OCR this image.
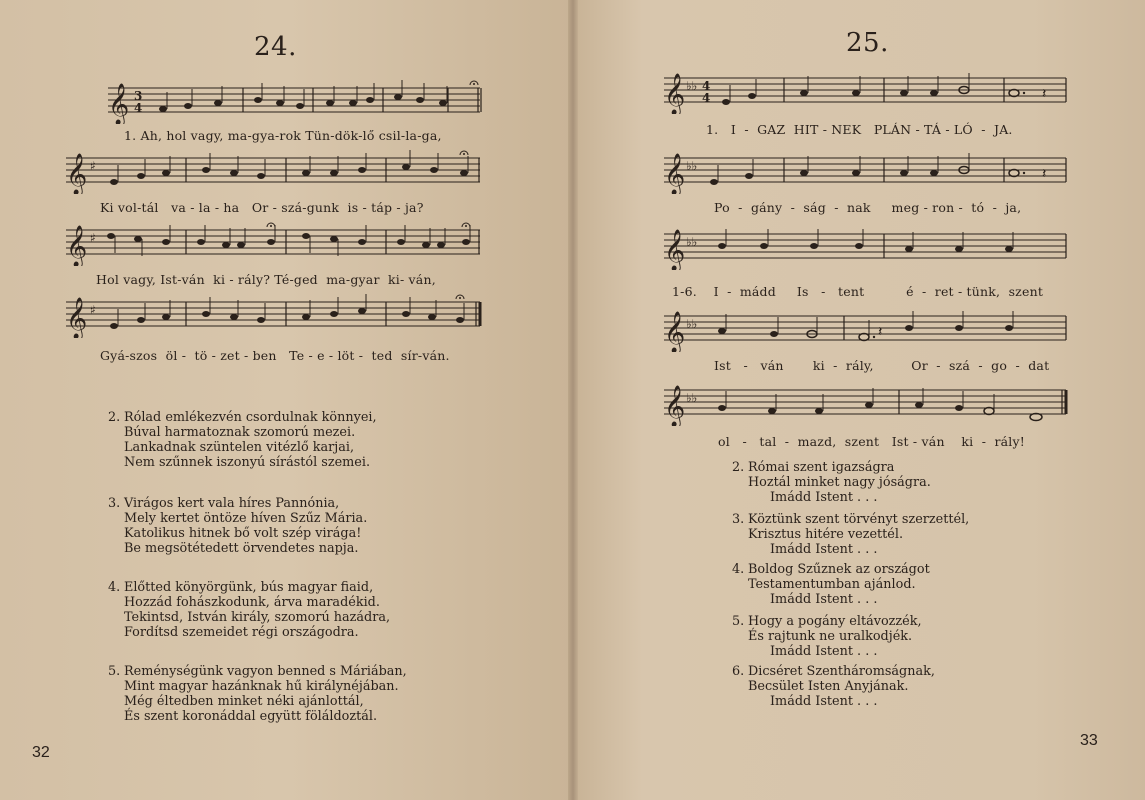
24.
𝄞 3
4
1. Ah, hol vagy, ma-gya-rok Tün-dök-lő csil-la-ga,
𝄞 ♯
Ki vol-tál   va - la - ha   Or - szá-gunk  is - táp - ja?
𝄞 ♯
Hol vagy, Ist-ván  ki - rály? Té-ged  ma-gyar  ki- ván,
𝄞 ♯
Gyá-szos  öl -  tö - zet - ben   Te - e - löt -  ted  sír-ván.
2. Rólad emlékezvén csordulnak könnyei,
Búval harmatoznak szomorú mezei.
Lankadnak szüntelen vitézlő karjai,
Nem szűnnek iszonyú sírástól szemei.
3. Virágos kert vala híres Pannónia,
Mely kertet öntöze híven Szűz Mária.
Katolikus hitnek bő volt szép virága!
Be megsötétedett örvendetes napja.
4. Előtted könyörgünk, bús magyar fiaid,
Hozzád fohászkodunk, árva maradékid.
Tekintsd, István király, szomorú hazádra,
Fordítsd szemeidet régi országodra.
5. Reménységünk vagyon benned s Máriában,
Mint magyar hazánknak hű királynéjában.
Még éltedben minket néki ajánlottál,
És szent koronáddal együtt föláldoztál.
32
25.
𝄞 ♭♭ 4
4	𝄽
1.   I  -  GAZ  HIT - NEK   PLÁN - TÁ - LÓ  -  JA.
𝄞 ♭♭	𝄽
Po  -  gány  -  ság  -  nak     meg - ron -  tó  -  ja,
𝄞 ♭♭
1-6.    I  -  mádd     Is   -   tent          é  -  ret - tünk,  szent
𝄞 ♭♭	𝄽
Ist   -   ván       ki  -  rály,         Or  -  szá  -  go  -  dat
𝄞 ♭♭
ol   -   tal  -  mazd,  szent   Ist - ván    ki  -  rály!
2. Római szent igazságra
Hoztál minket nagy jóságra.
Imádd Istent . . .
3. Köztünk szent törvényt szerzettél,
Krisztus hitére vezettél.
Imádd Istent . . .
4. Boldog Szűznek az országot
Testamentumban ajánlod.
Imádd Istent . . .
5. Hogy a pogány eltávozzék,
És rajtunk ne uralkodjék.
Imádd Istent . . .
6. Dicséret Szentháromságnak,
Becsület Isten Anyjának.
Imádd Istent . . .
33
